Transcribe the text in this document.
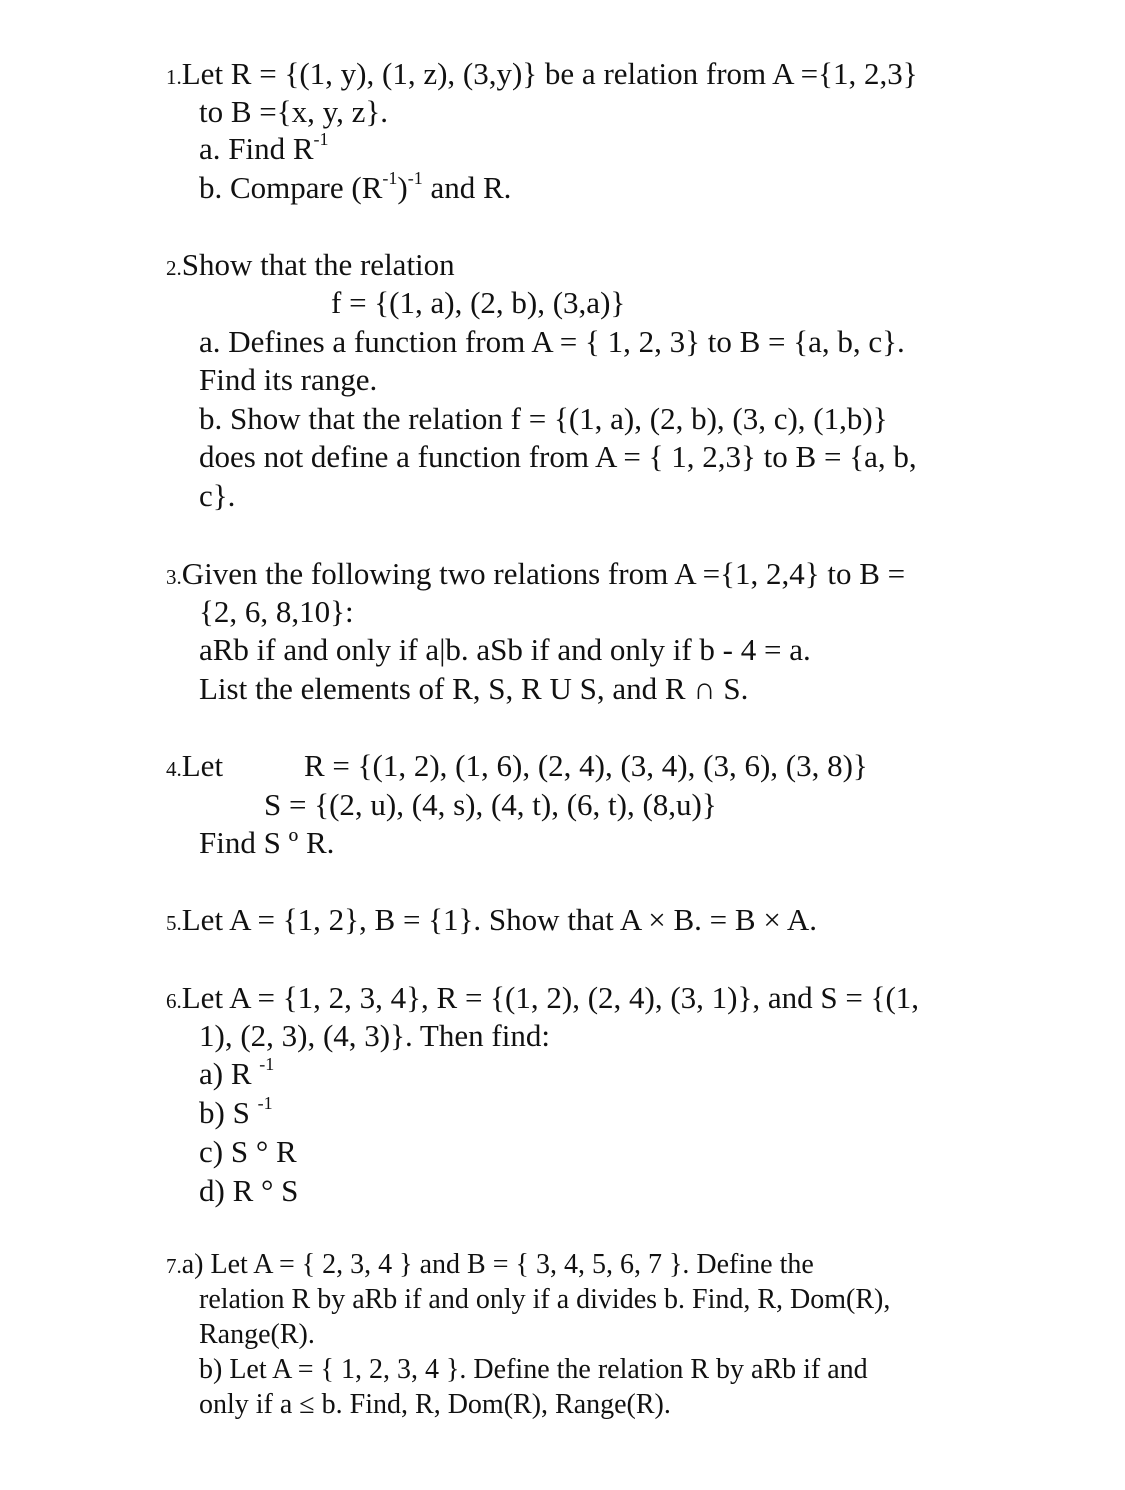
1.Let R = {(1, y), (1, z), (3,y)} be a relation from A ={1, 2,3}
to B ={x, y, z}.
a. Find $R^{-1}$
b. Compare $(R^{-1})^{-1}$ and R.
2.Show that the relation
f = {(1, a), (2, b), (3,a)}
a. Defines a function from A = { 1, 2, 3} to B = {a, b, c}.
Find its range.
b. Show that the relation f = {(1, a), (2, b), (3, c), (1,b)}
does not define a function from A = { 1, 2,3} to B = {a, b,
c}.
3.Given the following two relations from A ={1, 2,4} to B =
{2, 6, 8,10}:
aRb if and only if a|b. aSb if and only if b - 4 = a.
List the elements of R, S, R U S, and R ∩ S.
4.Let	R = {(1, 2), (1, 6), (2, 4), (3, 4), (3, 6), (3, 8)}
S = {(2, u), (4, s), (4, t), (6, t), (8,u)}
Find S º R.
5.Let A = {1, 2}, B = {1}. Show that A × B. = B × A.
6.Let A = {1, 2, 3, 4}, R = {(1, 2), (2, 4), (3, 1)}, and S = {(1,
1), (2, 3), (4, 3)}. Then find:
a) R $^{-1}$
b) S $^{-1}$
c) S ° R
d) R ° S
7.a) Let A = { 2, 3, 4 } and B = { 3, 4, 5, 6, 7 }. Define the
relation R by aRb if and only if a divides b. Find, R, Dom(R),
Range(R).
b) Let A = { 1, 2, 3, 4 }. Define the relation R by aRb if and
only if a ≤ b. Find, R, Dom(R), Range(R).
